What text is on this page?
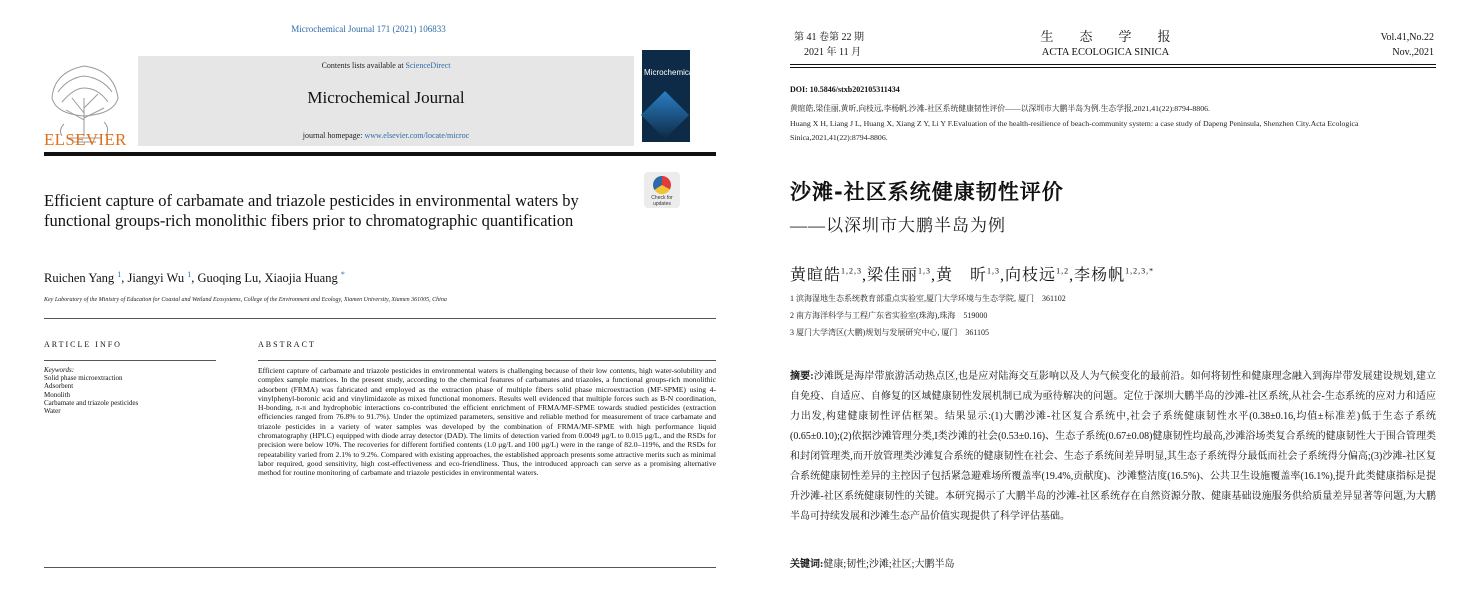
Microchemical Journal 171 (2021) 106833
ELSEVIER
Contents lists available at ScienceDirect
Microchemical Journal
journal homepage: www.elsevier.com/locate/microc
Microchemical
Check for updates
Efficient capture of carbamate and triazole pesticides in environmental waters by functional groups-rich monolithic fibers prior to chromatographic quantification
Ruichen Yang $^1$, Jiangyi Wu $^1$, Guoqing Lu, Xiaojia Huang *
Key Laboratory of the Ministry of Education for Coastal and Wetland Ecosystems, College of the Environment and Ecology, Xiamen University, Xiamen 361005, China
ARTICLE INFO
Keywords:
Solid phase microextraction
Adsorbent
Monolith
Carbamate and triazole pesticides
Water
ABSTRACT
Efficient capture of carbamate and triazole pesticides in environmental waters is challenging because of their low contents, high water-solubility and complex sample matrices. In the present study, according to the chemical features of carbamates and triazoles, a functional groups-rich monolithic adsorbent (FRMA) was fabricated and employed as the extraction phase of multiple fibers solid phase microextraction (MF-SPME) using 4-vinylphenyl-boronic acid and vinylimidazole as mixed functional monomers. Results well evidenced that multiple forces such as B-N coordination, H-bonding, π-π and hydrophobic interactions co-contributed the efficient enrichment of FRMA/MF-SPME towards studied pesticides (extraction efficiencies ranged from 76.8% to 91.7%). Under the optimized parameters, sensitive and reliable method for measurement of trace carbamate and triazole pesticides in a variety of water samples was developed by the combination of FRMA/MF-SPME with high performance liquid chromatography (HPLC) equipped with diode array detector (DAD). The limits of detection varied from 0.0049 μg/L to 0.015 μg/L, and the RSDs for precision were below 10%. The recoveries for different fortified contents (1.0 μg/L and 100 μg/L) were in the range of 82.0–119%, and the RSDs for repeatability varied from 2.1% to 9.2%. Compared with existing approaches, the established approach presents some attractive merits such as minimal labor required, good sensitivity, high cost-effectiveness and eco-friendliness. Thus, the introduced approach can serve as a promising alternative method for routine monitoring of carbamate and triazole pesticides in environmental waters.
第 41 卷第 22 期
2021 年 11 月
生态学报
ACTA ECOLOGICA SINICA
Vol.41,No.22
Nov.,2021
DOI: 10.5846/stxb202105311434
黄暄皓,梁佳丽,黄昕,向枝远,李杨帆.沙滩-社区系统健康韧性评价——以深圳市大鹏半岛为例.生态学报,2021,41(22):8794-8806.
Huang X H, Liang J L, Huang X, Xiang Z Y, Li Y F.Evaluation of the health-resilience of beach-community system: a case study of Dapeng Peninsula, Shenzhen City.Acta Ecologica Sinica,2021,41(22):8794-8806.
沙滩-社区系统健康韧性评价
——以深圳市大鹏半岛为例
黄暄皓$^{1,2,3}$,梁佳丽$^{1,3}$,黄　昕$^{1,3}$,向枝远$^{1,2}$,李杨帆$^{1,2,3,*}$
1 滨海湿地生态系统教育部重点实验室,厦门大学环境与生态学院, 厦门　361102
2 南方海洋科学与工程广东省实验室(珠海),珠海　519000
3 厦门大学湾区(大鹏)规划与发展研究中心, 厦门　361105
摘要:沙滩既是海岸带旅游活动热点区,也是应对陆海交互影响以及人为气候变化的最前沿。如何将韧性和健康理念融入到海岸带发展建设规划,建立自免疫、自适应、自修复的区域健康韧性发展机制已成为亟待解决的问题。定位于深圳大鹏半岛的沙滩-社区系统,从社会-生态系统的应对力和适应力出发,构建健康韧性评估框架。结果显示:(1)大鹏沙滩-社区复合系统中,社会子系统健康韧性水平(0.38±0.16,均值±标准差)低于生态子系统(0.65±0.10);(2)依据沙滩管理分类,I类沙滩的社会(0.53±0.16)、生态子系统(0.67±0.08)健康韧性均最高,沙滩浴场类复合系统的健康韧性大于围合管理类和封闭管理类,而开放管理类沙滩复合系统的健康韧性在社会、生态子系统间差异明显,其生态子系统得分最低而社会子系统得分偏高;(3)沙滩-社区复合系统健康韧性差异的主控因子包括紧急避难场所覆盖率(19.4%,贡献度)、沙滩整洁度(16.5%)、公共卫生设施覆盖率(16.1%),提升此类健康指标是提升沙滩-社区系统健康韧性的关键。本研究揭示了大鹏半岛的沙滩-社区系统存在自然资源分散、健康基础设施服务供给质量差异显著等问题,为大鹏半岛可持续发展和沙滩生态产品价值实现提供了科学评估基础。
关键词:健康;韧性;沙滩;社区;大鹏半岛
